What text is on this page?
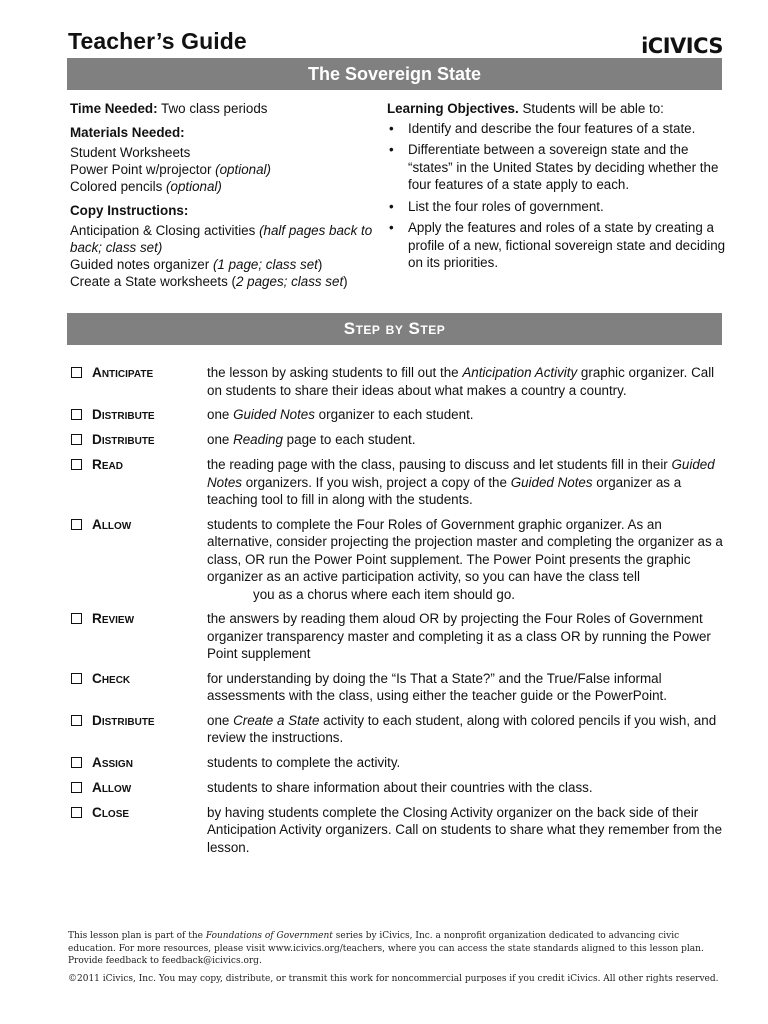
Teacher’s Guide	iCIVICS
The Sovereign State
Time Needed: Two class periods
Materials Needed:
Student Worksheets
Power Point w/projector (optional)
Colored pencils (optional)
Copy Instructions:
Anticipation & Closing activities (half pages back to back; class set)
Guided notes organizer (1 page; class set)
Create a State worksheets (2 pages; class set)
Learning Objectives. Students will be able to:
• Identify and describe the four features of a state.
• Differentiate between a sovereign state and the “states” in the United States by deciding whether the four features of a state apply to each.
• List the four roles of government.
• Apply the features and roles of a state by creating a profile of a new, fictional sovereign state and deciding on its priorities.
Step by Step
Anticipate	the lesson by asking students to fill out the Anticipation Activity graphic organizer. Call on students to share their ideas about what makes a country a country.
Distribute	one Guided Notes organizer to each student.
Distribute	one Reading page to each student.
Read	the reading page with the class, pausing to discuss and let students fill in their Guided Notes organizers. If you wish, project a copy of the Guided Notes organizer as a teaching tool to fill in along with the students.
Allow	students to complete the Four Roles of Government graphic organizer. As an alternative, consider projecting the projection master and completing the organizer as a class, OR run the Power Point supplement. The Power Point presents the graphic organizer as an active participation activity, so you can have the class tell
you as a chorus where each item should go.
Review	the answers by reading them aloud OR by projecting the Four Roles of Government organizer transparency master and completing it as a class OR by running the Power Point supplement
Check	for understanding by doing the “Is That a State?” and the True/False informal assessments with the class, using either the teacher guide or the PowerPoint.
Distribute	one Create a State activity to each student, along with colored pencils if you wish, and review the instructions.
Assign	students to complete the activity.
Allow	students to share information about their countries with the class.
Close	by having students complete the Closing Activity organizer on the back side of their Anticipation Activity organizers. Call on students to share what they remember from the lesson.

This lesson plan is part of the Foundations of Government series by iCivics, Inc. a nonprofit organization dedicated to advancing civic education. For more resources, please visit www.icivics.org/teachers, where you can access the state standards aligned to this lesson plan. Provide feedback to feedback@icivics.org.

©2011 iCivics, Inc. You may copy, distribute, or transmit this work for noncommercial purposes if you credit iCivics. All other rights reserved.
